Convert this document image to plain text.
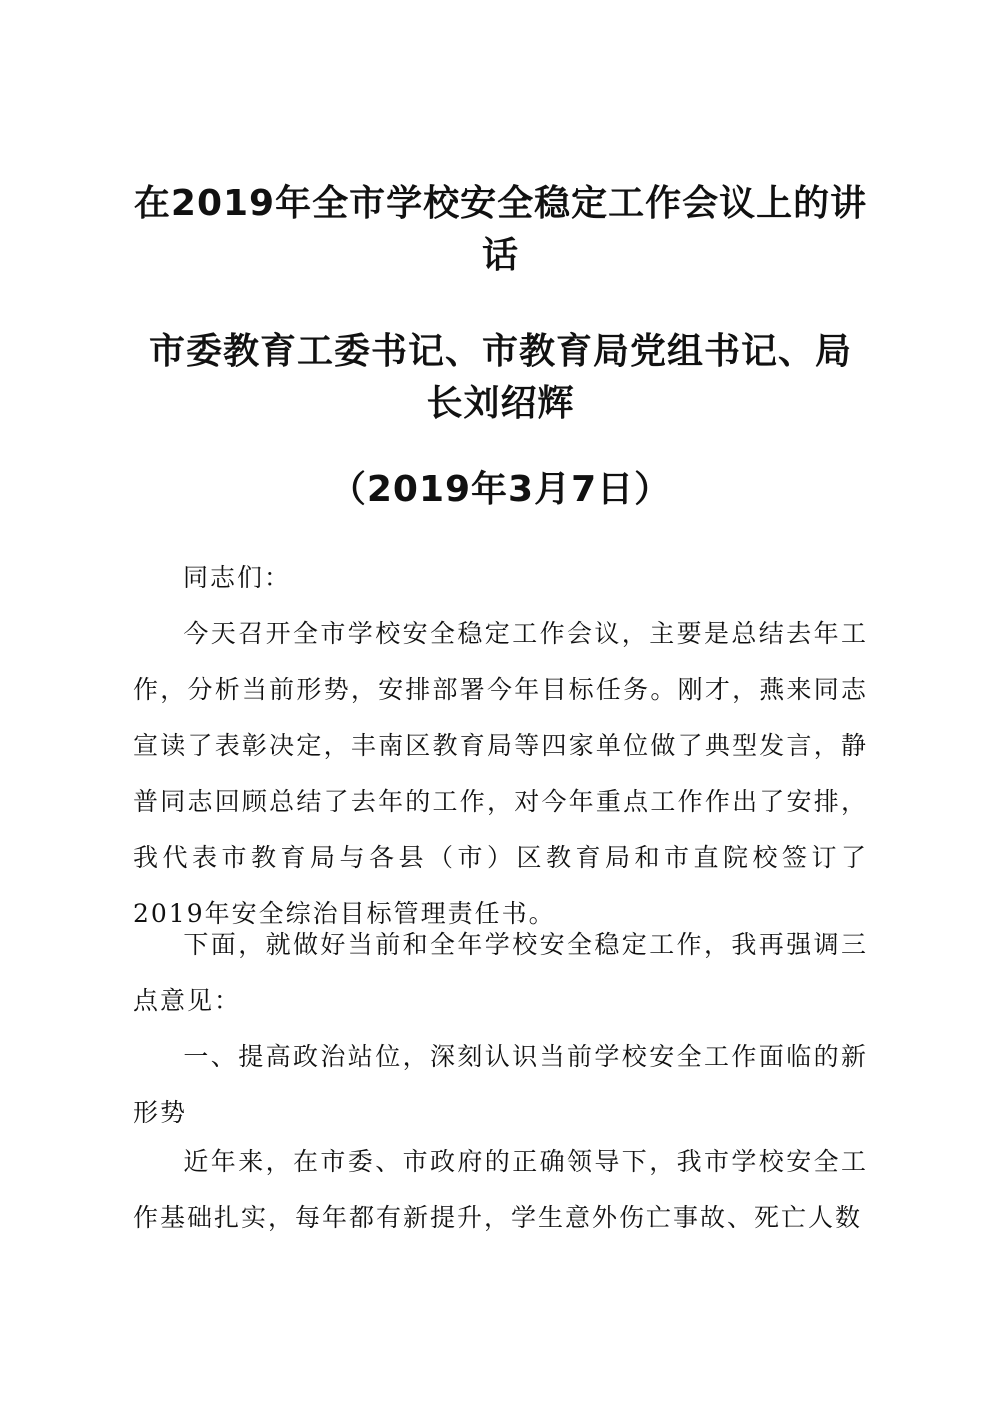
在2019年全市学校安全稳定工作会议上的讲话
市委教育工委书记、市教育局党组书记、局长刘绍辉
（2019年3月7日）

同志们：

今天召开全市学校安全稳定工作会议，主要是总结去年工作，分析当前形势，安排部署今年目标任务。刚才，燕来同志宣读了表彰决定，丰南区教育局等四家单位做了典型发言，静普同志回顾总结了去年的工作，对今年重点工作作出了安排，我代表市教育局与各县（市）区教育局和市直院校签订了2019年安全综治目标管理责任书。

下面，就做好当前和全年学校安全稳定工作，我再强调三点意见：

一、提高政治站位，深刻认识当前学校安全工作面临的新形势

近年来，在市委、市政府的正确领导下，我市学校安全工作基础扎实，每年都有新提升，学生意外伤亡事故、死亡人数
